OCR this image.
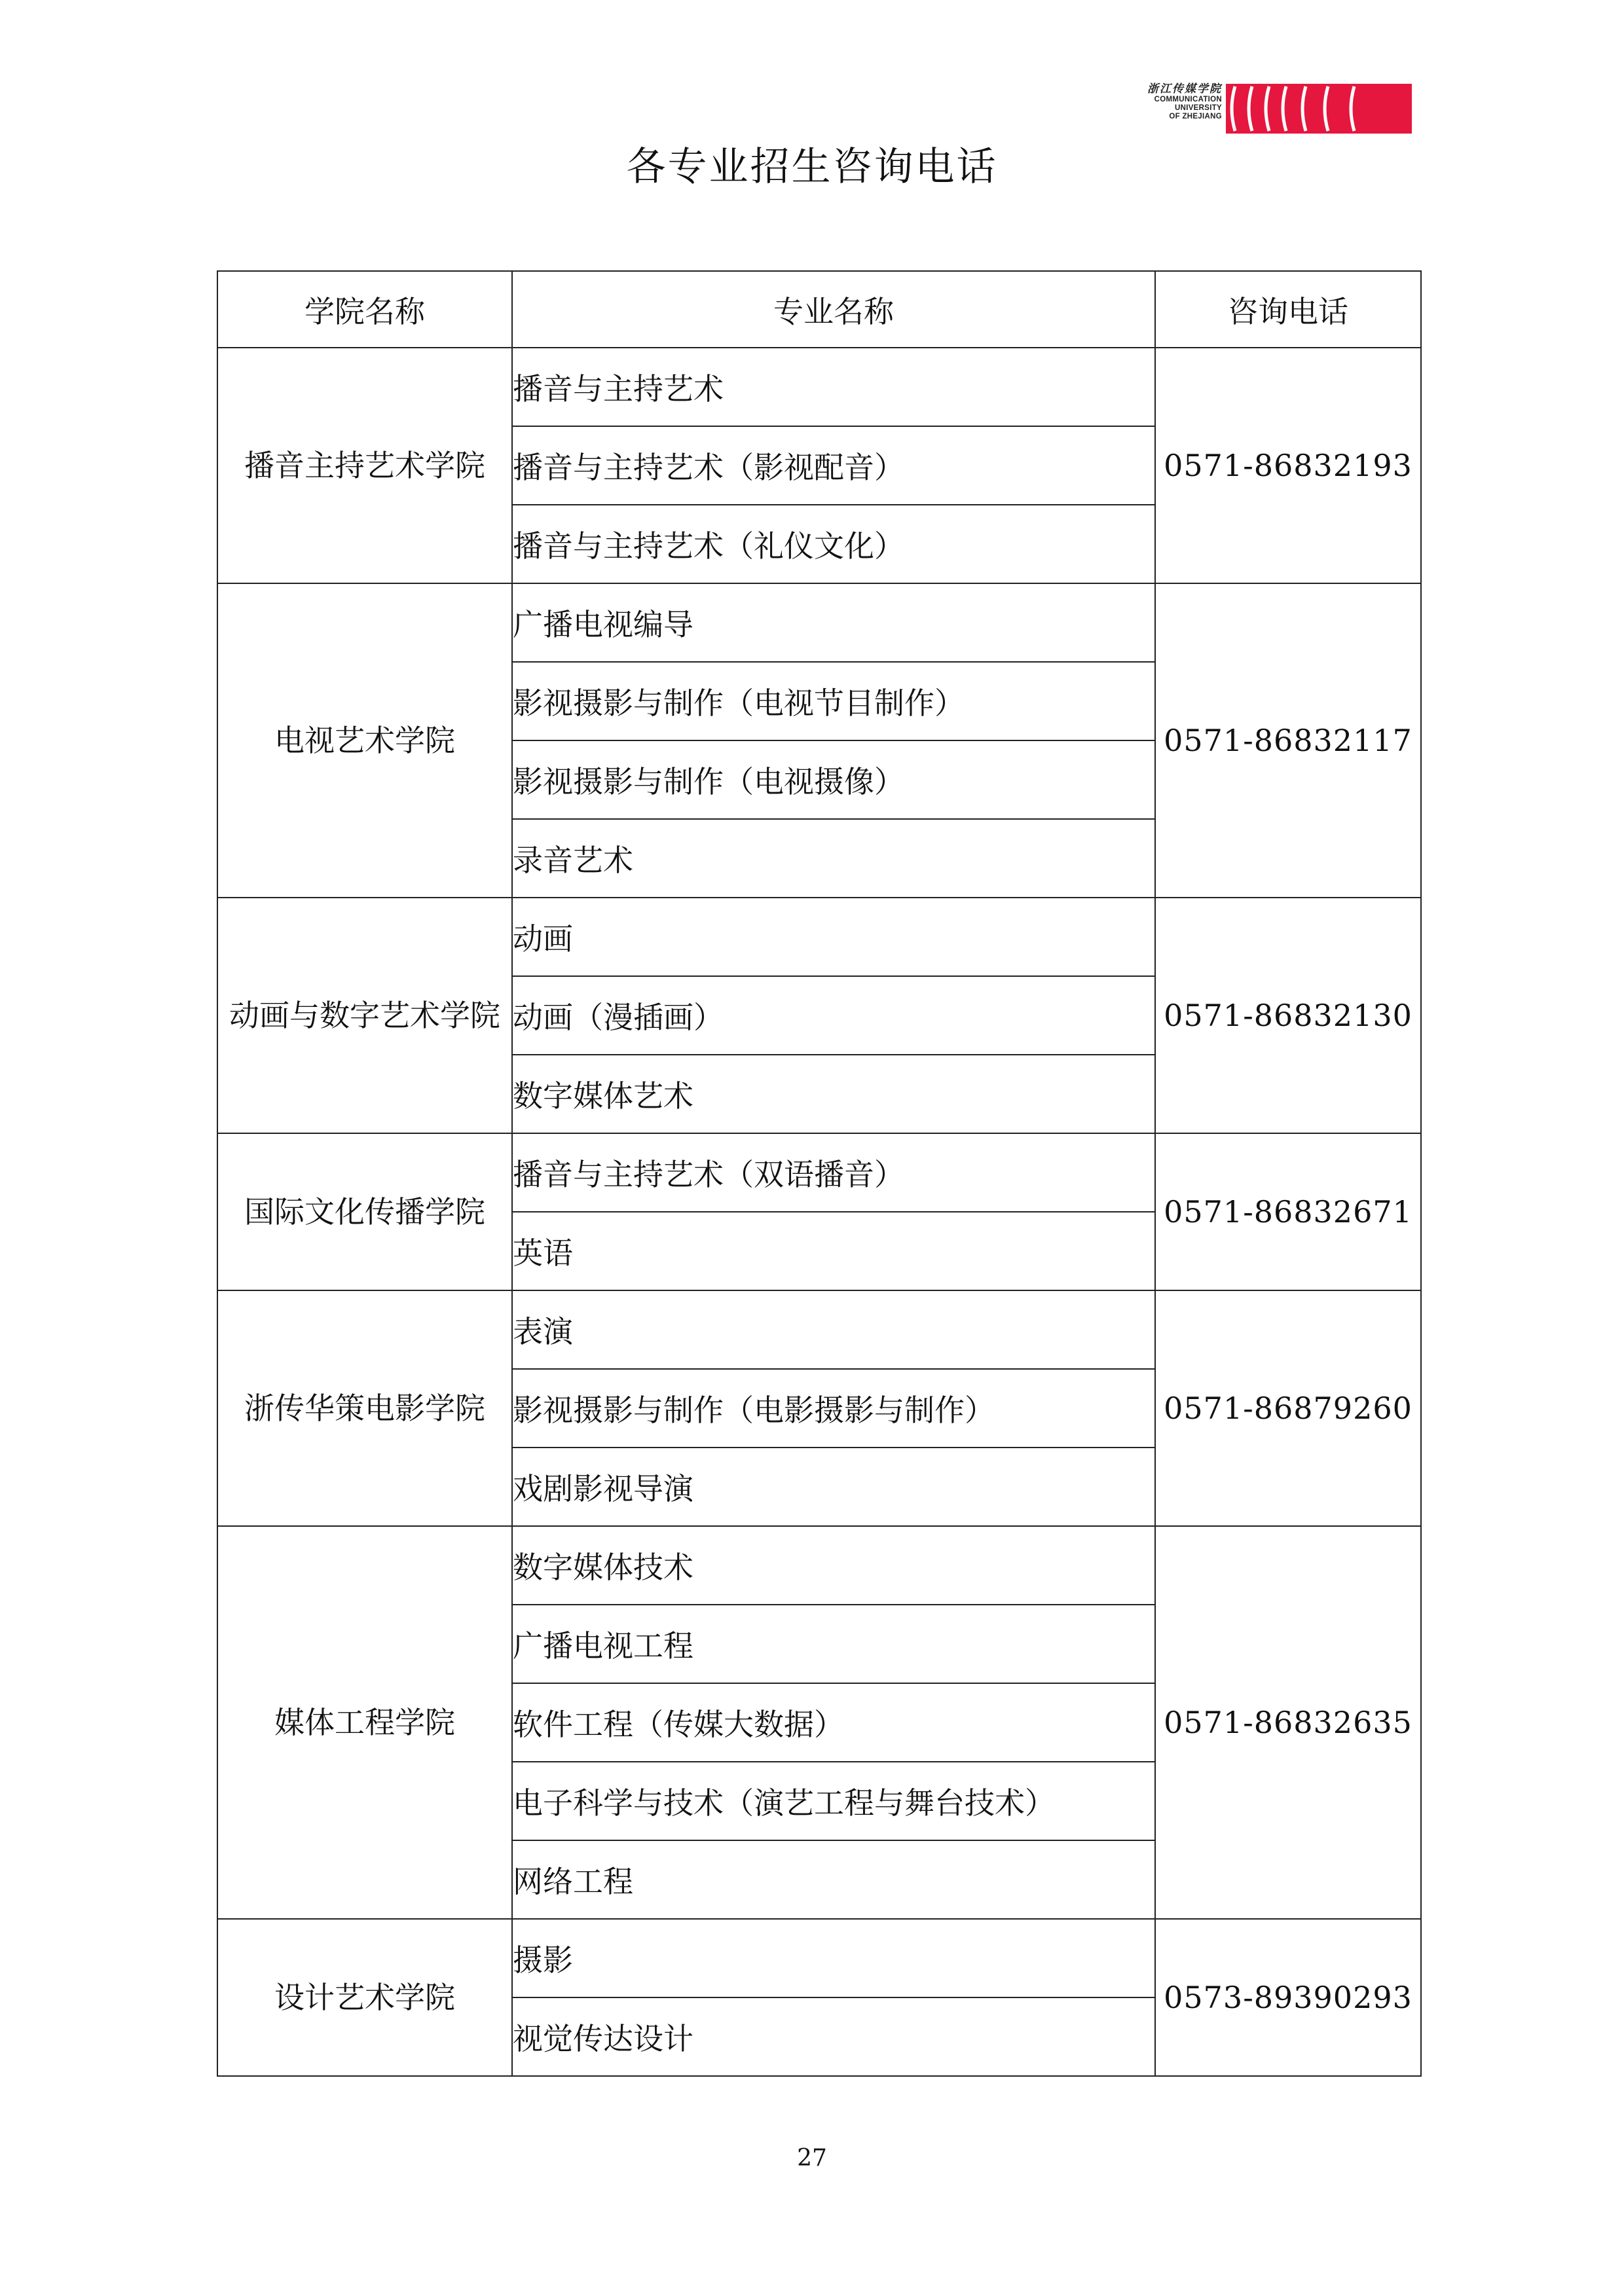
浙江传媒学院
COMMUNICATION
UNIVERSITY
OF ZHEJIANG
各专业招生咨询电话
学院名称	专业名称	咨询电话
播音主持艺术学院	播音与主持艺术	0571-86832193
	播音与主持艺术（影视配音）	
	播音与主持艺术（礼仪文化）	
电视艺术学院	广播电视编导	0571-86832117
	影视摄影与制作（电视节目制作）	
	影视摄影与制作（电视摄像）	
	录音艺术	
动画与数字艺术学院	动画	0571-86832130
	动画（漫插画）	
	数字媒体艺术	
国际文化传播学院	播音与主持艺术（双语播音）	0571-86832671
	英语	
浙传华策电影学院	表演	0571-86879260
	影视摄影与制作（电影摄影与制作）	
	戏剧影视导演	
媒体工程学院	数字媒体技术	0571-86832635
	广播电视工程	
	软件工程（传媒大数据）	
	电子科学与技术（演艺工程与舞台技术）	
	网络工程	
设计艺术学院	摄影	0573-89390293
	视觉传达设计	
27
